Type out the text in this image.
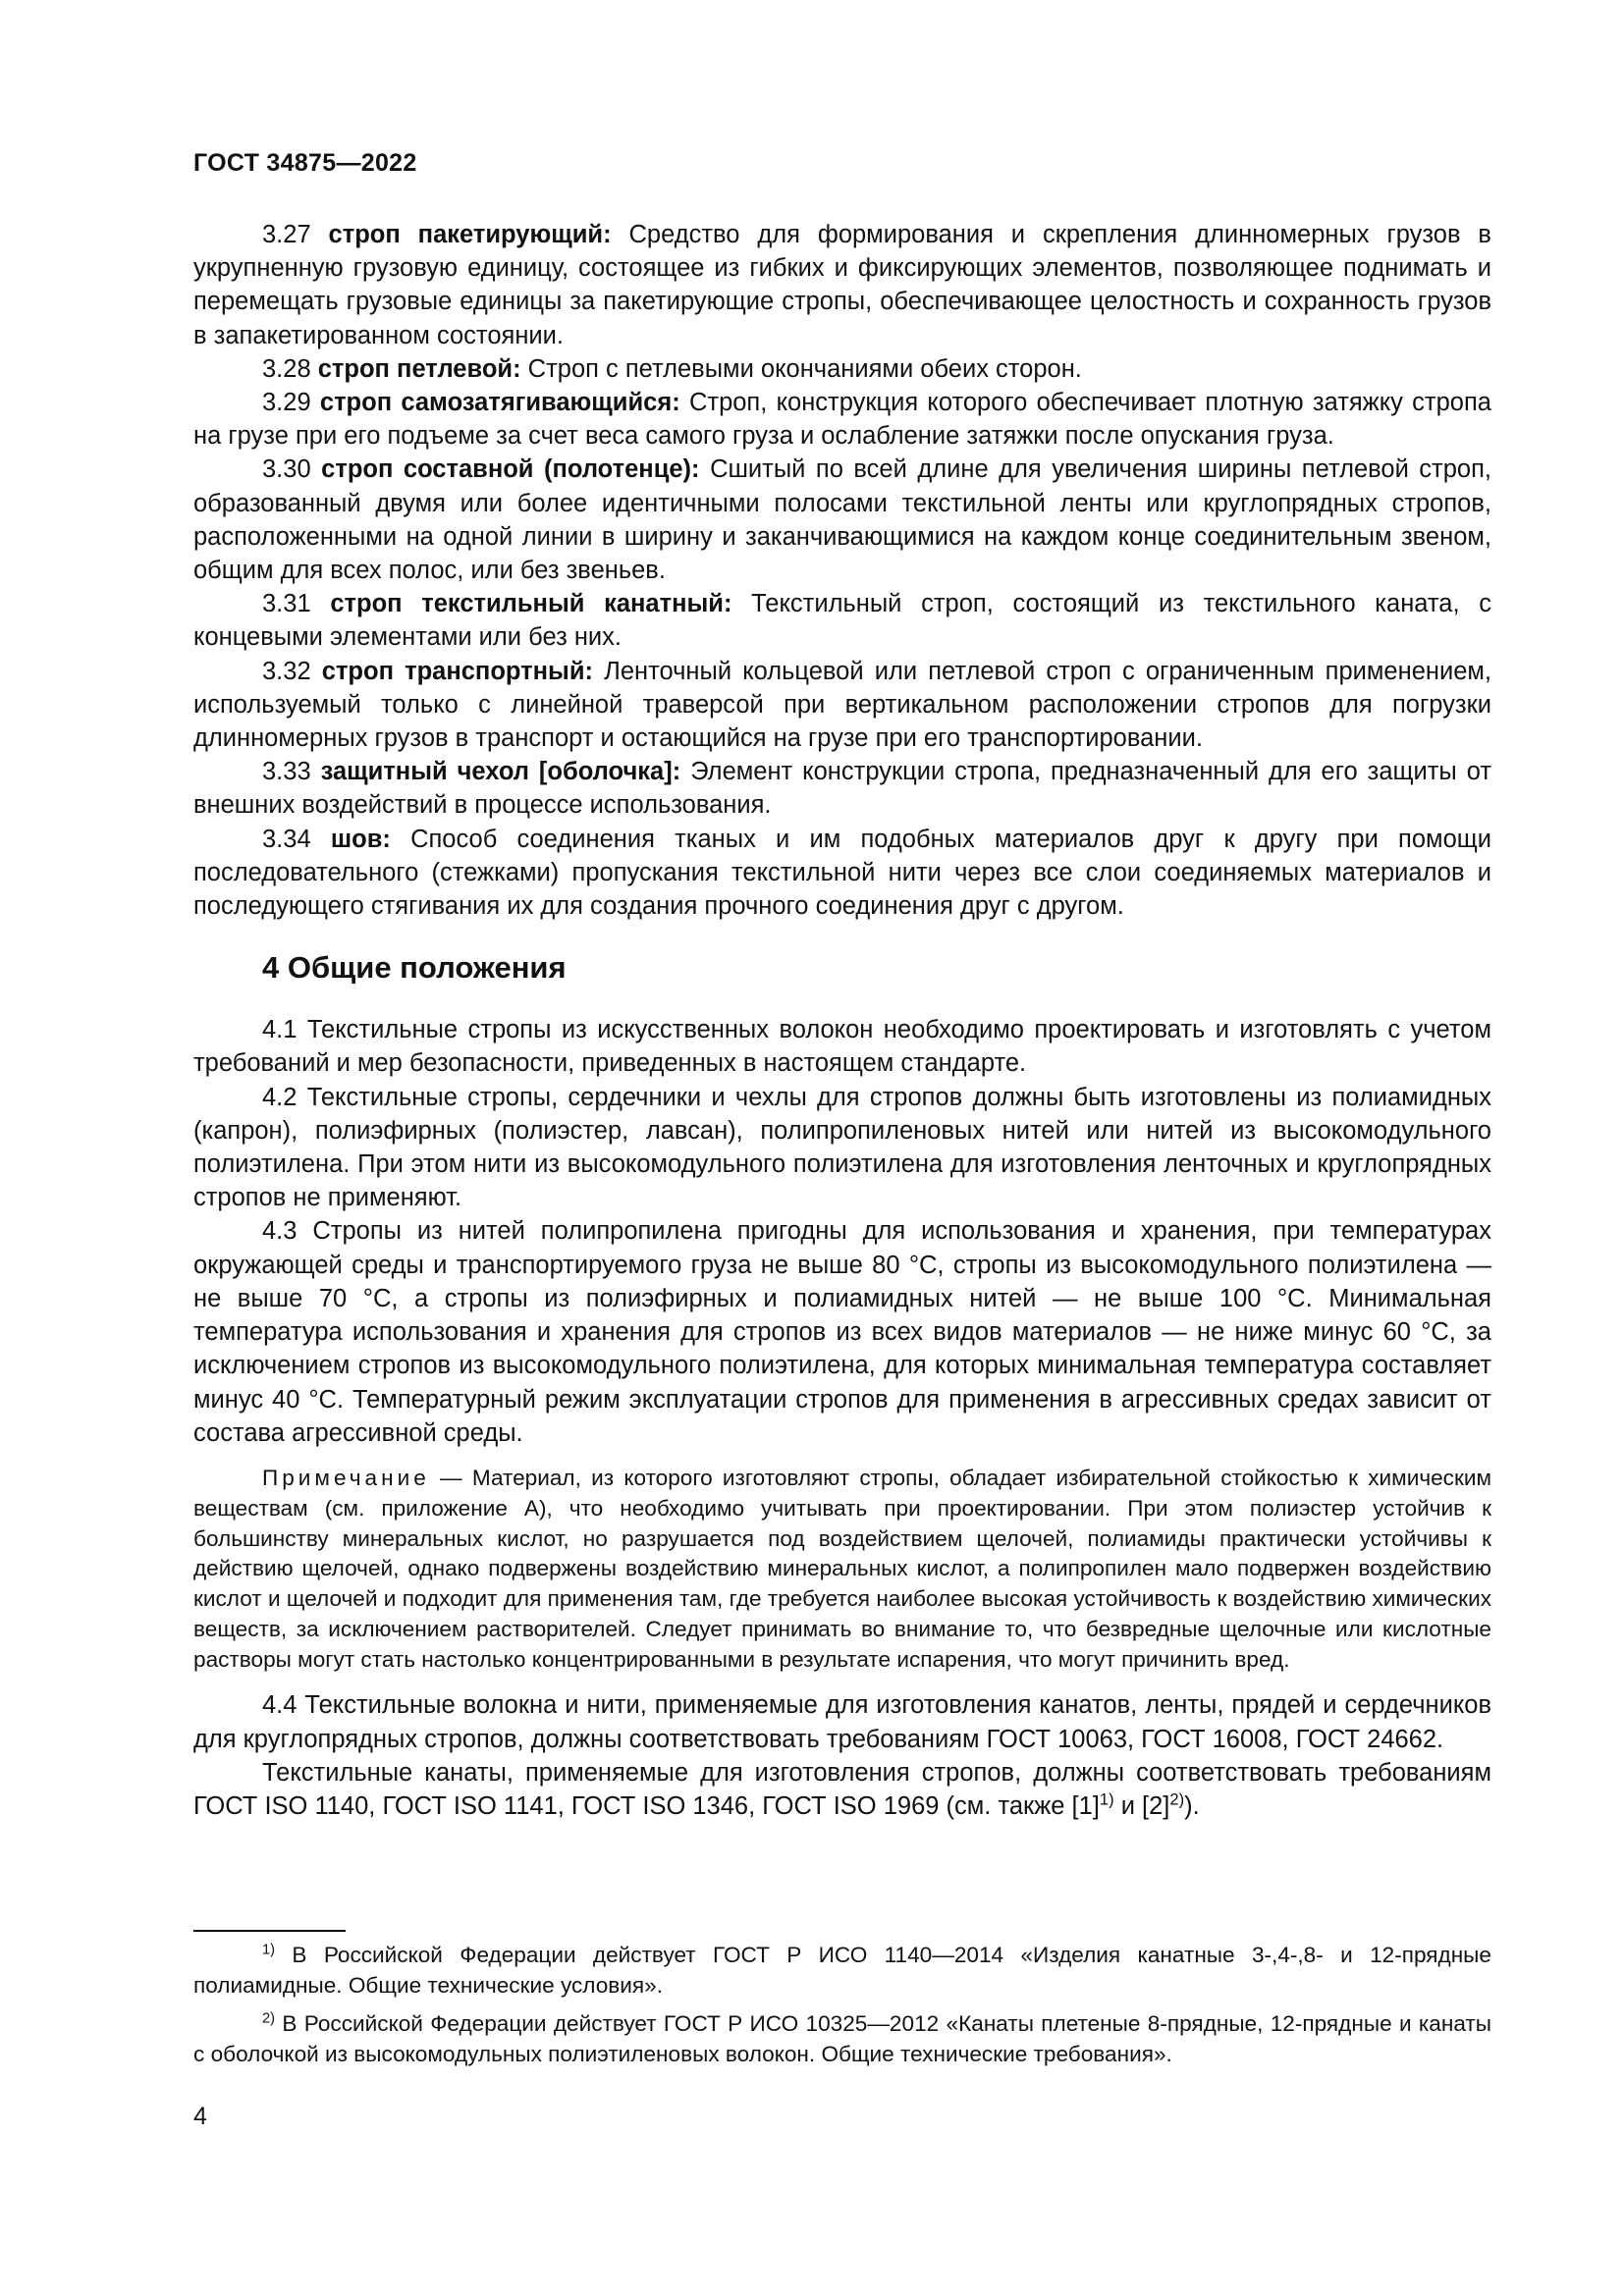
ГОСТ 34875—2022

3.27 строп пакетирующий: Средство для формирования и скрепления длинномерных грузов в укрупненную грузовую единицу, состоящее из гибких и фиксирующих элементов, позволяющее поднимать и перемещать грузовые единицы за пакетирующие стропы, обеспечивающее целостность и сохранность грузов в запакетированном состоянии.

3.28 строп петлевой: Строп с петлевыми окончаниями обеих сторон.

3.29 строп самозатягивающийся: Строп, конструкция которого обеспечивает плотную затяжку стропа на грузе при его подъеме за счет веса самого груза и ослабление затяжки после опускания груза.

3.30 строп составной (полотенце): Сшитый по всей длине для увеличения ширины петлевой строп, образованный двумя или более идентичными полосами текстильной ленты или круглопрядных стропов, расположенными на одной линии в ширину и заканчивающимися на каждом конце соединительным звеном, общим для всех полос, или без звеньев.

3.31 строп текстильный канатный: Текстильный строп, состоящий из текстильного каната, с концевыми элементами или без них.

3.32 строп транспортный: Ленточный кольцевой или петлевой строп с ограниченным применением, используемый только с линейной траверсой при вертикальном расположении стропов для погрузки длинномерных грузов в транспорт и остающийся на грузе при его транспортировании.

3.33 защитный чехол [оболочка]: Элемент конструкции стропа, предназначенный для его защиты от внешних воздействий в процессе использования.

3.34 шов: Способ соединения тканых и им подобных материалов друг к другу при помощи последовательного (стежками) пропускания текстильной нити через все слои соединяемых материалов и последующего стягивания их для создания прочного соединения друг с другом.

4 Общие положения

4.1 Текстильные стропы из искусственных волокон необходимо проектировать и изготовлять с учетом требований и мер безопасности, приведенных в настоящем стандарте.

4.2 Текстильные стропы, сердечники и чехлы для стропов должны быть изготовлены из полиамидных (капрон), полиэфирных (полиэстер, лавсан), полипропиленовых нитей или нитей из высокомодульного полиэтилена. При этом нити из высокомодульного полиэтилена для изготовления ленточных и круглопрядных стропов не применяют.

4.3 Стропы из нитей полипропилена пригодны для использования и хранения, при температурах окружающей среды и транспортируемого груза не выше 80 °С, стропы из высокомодульного полиэтилена — не выше 70 °С, а стропы из полиэфирных и полиамидных нитей — не выше 100 °С. Минимальная температура использования и хранения для стропов из всех видов материалов — не ниже минус 60 °С, за исключением стропов из высокомодульного полиэтилена, для которых минимальная температура составляет минус 40 °С. Температурный режим эксплуатации стропов для применения в агрессивных средах зависит от состава агрессивной среды.

Примечание — Материал, из которого изготовляют стропы, обладает избирательной стойкостью к химическим веществам (см. приложение А), что необходимо учитывать при проектировании. При этом полиэстер устойчив к большинству минеральных кислот, но разрушается под воздействием щелочей, полиамиды практически устойчивы к действию щелочей, однако подвержены воздействию минеральных кислот, а полипропилен мало подвержен воздействию кислот и щелочей и подходит для применения там, где требуется наиболее высокая устойчивость к воздействию химических веществ, за исключением растворителей. Следует принимать во внимание то, что безвредные щелочные или кислотные растворы могут стать настолько концентрированными в результате испарения, что могут причинить вред.

4.4 Текстильные волокна и нити, применяемые для изготовления канатов, ленты, прядей и сердечников для круглопрядных стропов, должны соответствовать требованиям ГОСТ 10063, ГОСТ 16008, ГОСТ 24662.

Текстильные канаты, применяемые для изготовления стропов, должны соответствовать требованиям ГОСТ ISO 1140, ГОСТ ISO 1141, ГОСТ ISO 1346, ГОСТ ISO 1969 (см. также $[1]^{1)}$ и $[2]^{2)}$).

$^{1)}$ В Российской Федерации действует ГОСТ Р ИСО 1140—2014 «Изделия канатные 3-,4-,8- и 12-прядные полиамидные. Общие технические условия».

$^{2)}$ В Российской Федерации действует ГОСТ Р ИСО 10325—2012 «Канаты плетеные 8-прядные, 12-прядные и канаты с оболочкой из высокомодульных полиэтиленовых волокон. Общие технические требования».

4
